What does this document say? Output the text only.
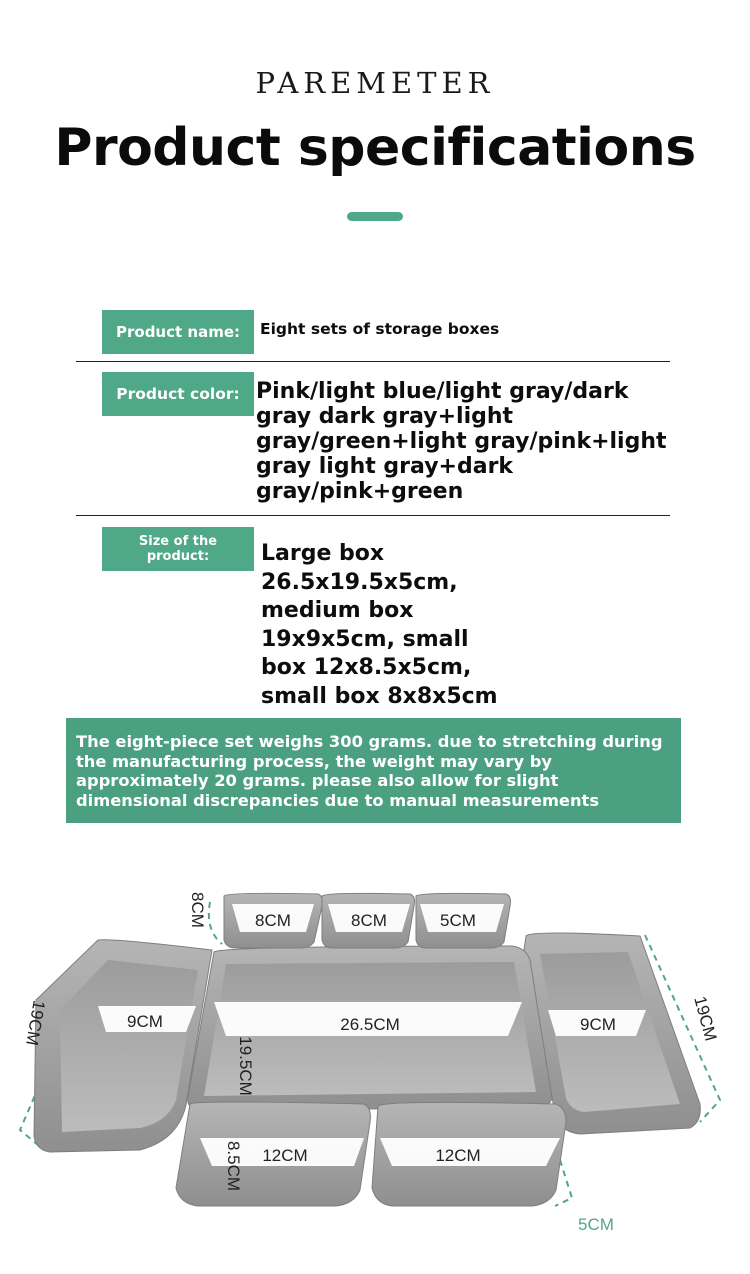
PAREMETER
Product specifications
Product name:	Eight sets of storage boxes
Product color: Pink/light blue/light gray/dark
gray dark gray+light
gray/green+light gray/pink+light
gray light gray+dark
gray/pink+green
Size of the
product: Large box
26.5x19.5x5cm,
medium box
19x9x5cm, small
box 12x8.5x5cm,
small box 8x8x5cm
The eight-piece set weighs 300 grams. due to stretching during
the manufacturing process, the weight may vary by
approximately 20 grams. please also allow for slight
dimensional discrepancies due to manual measurements
8CM	8CM	8CM	5CM
9CM
19CM	26.5CM
19.5CM
9CM	19CM
12CM	12CM
8.5CM
5CM
